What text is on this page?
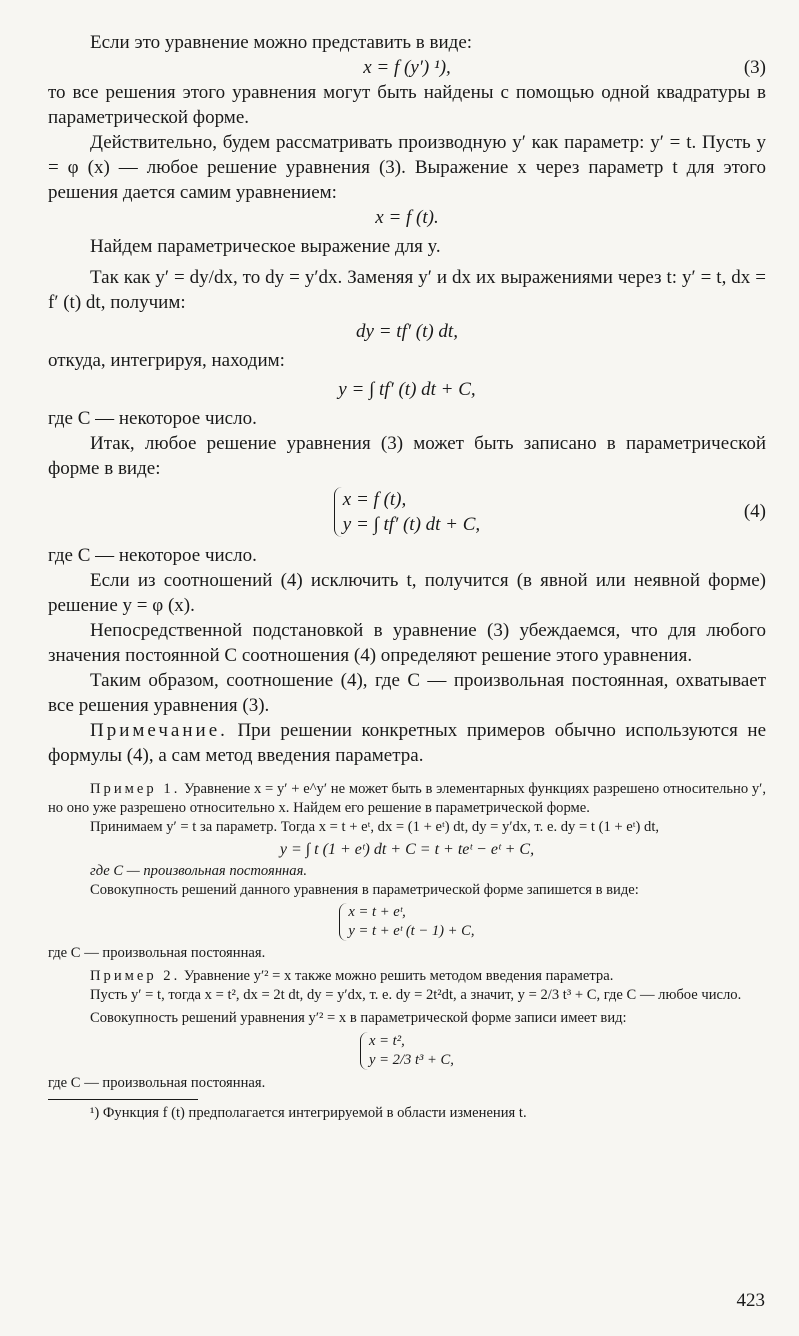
Если это уравнение можно представить в виде:

x = f (y′) ¹),	(3)

то все решения этого уравнения могут быть найдены с помощью одной квадратуры в параметрической форме.

Действительно, будем рассматривать производную y′ как параметр: y′ = t. Пусть y = φ (x) — любое решение уравнения (3). Выражение x через параметр t для этого решения дается самим уравнением:

x = f (t).

Найдем параметрическое выражение для y.

Так как y′ = dy/dx, то dy = y′dx. Заменяя y′ и dx их выражениями через t: y′ = t, dx = f′ (t) dt, получим:

dy = tf′ (t) dt,

откуда, интегрируя, находим:

y = ∫ tf′ (t) dt + C,

где C — некоторое число.

Итак, любое решение уравнения (3) может быть записано в параметрической форме в виде:

x = f (t),
y = ∫ tf′ (t) dt + C,
(4)

где C — некоторое число.

Если из соотношений (4) исключить t, получится (в явной или неявной форме) решение y = φ (x).

Непосредственной подстановкой в уравнение (3) убеждаемся, что для любого значения постоянной C соотношения (4) определяют решение этого уравнения.

Таким образом, соотношение (4), где C — произвольная постоянная, охватывает все решения уравнения (3).

Примечание. При решении конкретных примеров обычно используются не формулы (4), а сам метод введения параметра.

Пример 1. Уравнение x = y′ + e^y′ не может быть в элементарных функциях разрешено относительно y′, но оно уже разрешено относительно x. Найдем его решение в параметрической форме.

Принимаем y′ = t за параметр. Тогда x = t + eᵗ, dx = (1 + eᵗ) dt, dy = y′dx, т. е. dy = t (1 + eᵗ) dt,

y = ∫ t (1 + eᵗ) dt + C = t + teᵗ − eᵗ + C,

где C — произвольная постоянная.

Совокупность решений данного уравнения в параметрической форме запишется в виде:

x = t + eᵗ,
y = t + eᵗ (t − 1) + C,

где C — произвольная постоянная.

Пример 2. Уравнение y′² = x также можно решить методом введения параметра.

Пусть y′ = t, тогда x = t², dx = 2t dt, dy = y′dx, т. е. dy = 2t²dt, а значит, y = 2/3 t³ + C, где C — любое число.

Совокупность решений уравнения y′² = x в параметрической форме записи имеет вид:

x = t²,
y = 2/3 t³ + C,

где C — произвольная постоянная.

¹) Функция f (t) предполагается интегрируемой в области изменения t.

423
